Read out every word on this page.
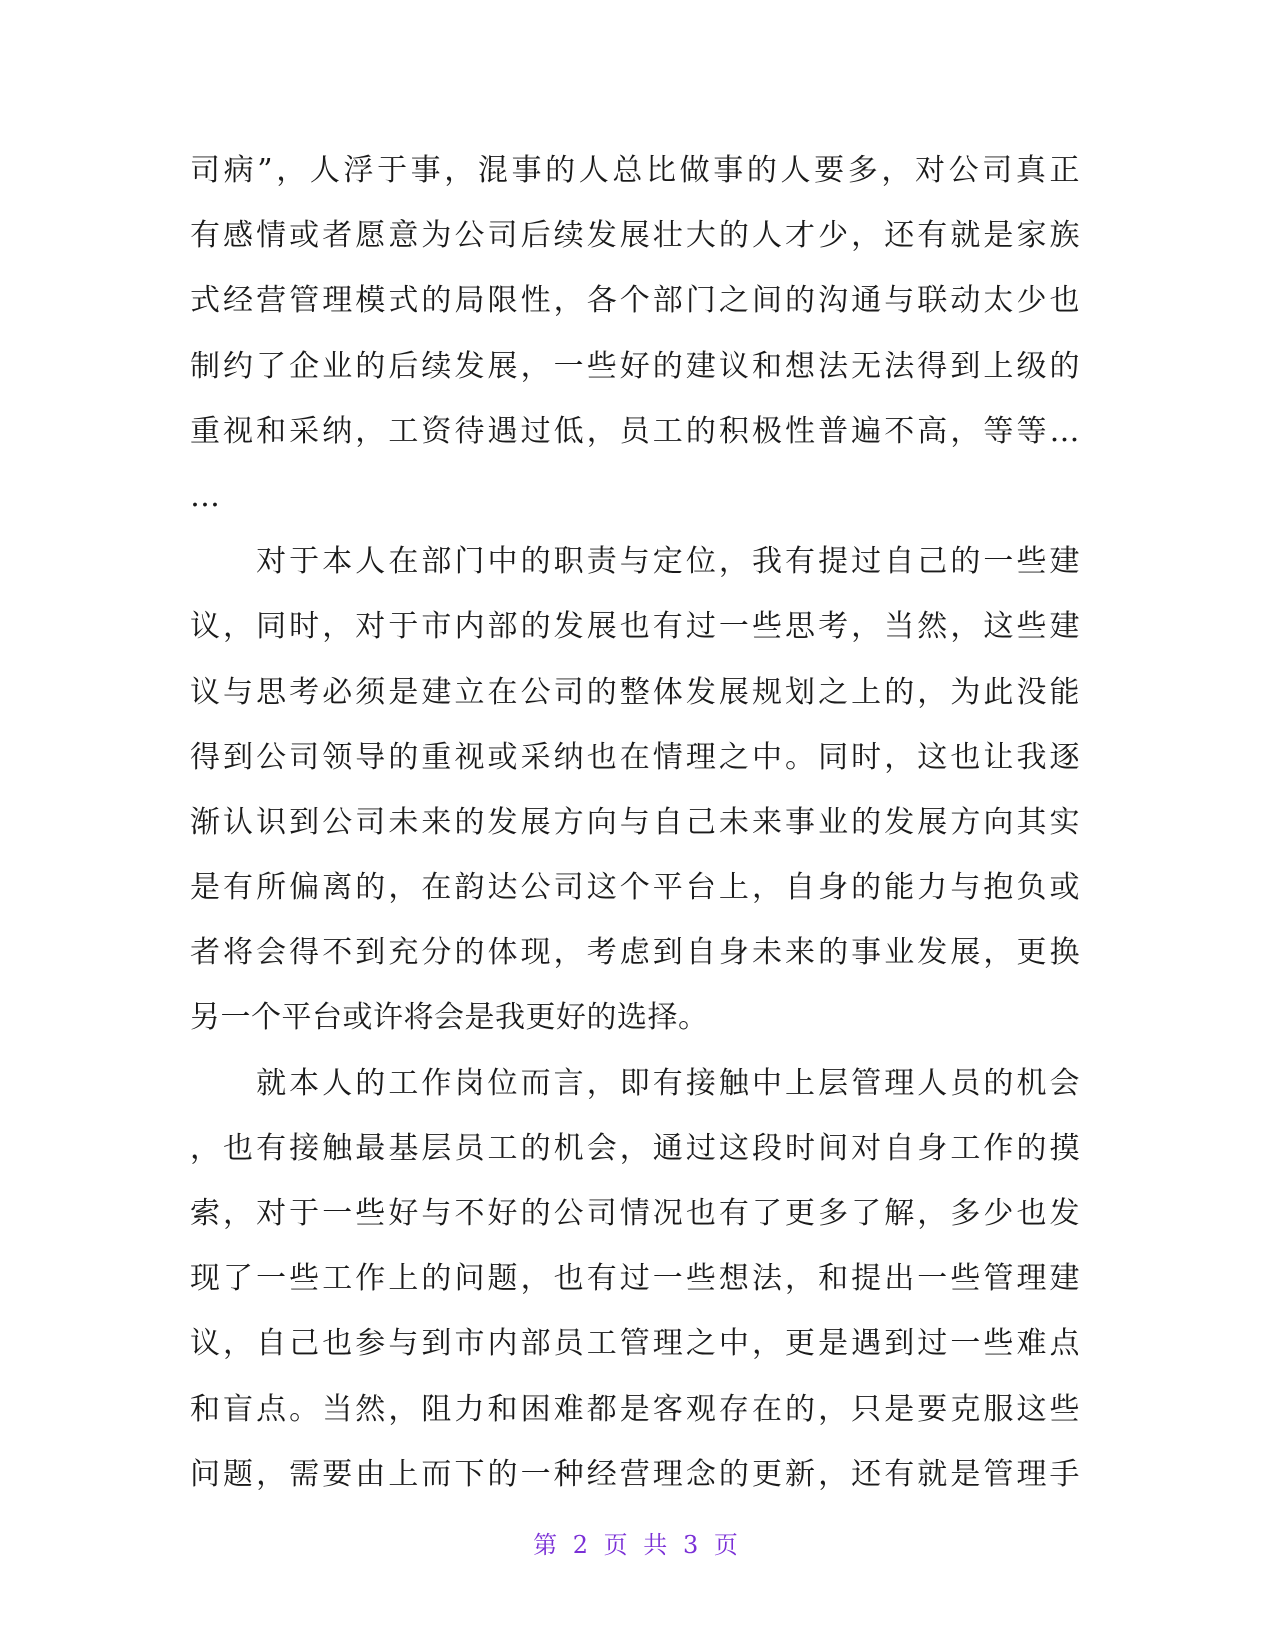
司病”，人浮于事，混事的人总比做事的人要多，对公司真正
有感情或者愿意为公司后续发展壮大的人才少，还有就是家族
式经营管理模式的局限性，各个部门之间的沟通与联动太少也
制约了企业的后续发展，一些好的建议和想法无法得到上级的
重视和采纳，工资待遇过低，员工的积极性普遍不高，等等…
…
　　对于本人在部门中的职责与定位，我有提过自己的一些建
议，同时，对于市内部的发展也有过一些思考，当然，这些建
议与思考必须是建立在公司的整体发展规划之上的，为此没能
得到公司领导的重视或采纳也在情理之中。同时，这也让我逐
渐认识到公司未来的发展方向与自己未来事业的发展方向其实
是有所偏离的，在韵达公司这个平台上，自身的能力与抱负或
者将会得不到充分的体现，考虑到自身未来的事业发展，更换
另一个平台或许将会是我更好的选择。
　　就本人的工作岗位而言，即有接触中上层管理人员的机会
，也有接触最基层员工的机会，通过这段时间对自身工作的摸
索，对于一些好与不好的公司情况也有了更多了解，多少也发
现了一些工作上的问题，也有过一些想法，和提出一些管理建
议，自己也参与到市内部员工管理之中，更是遇到过一些难点
和盲点。当然，阻力和困难都是客观存在的，只是要克服这些
问题，需要由上而下的一种经营理念的更新，还有就是管理手
第 2 页 共 3 页
